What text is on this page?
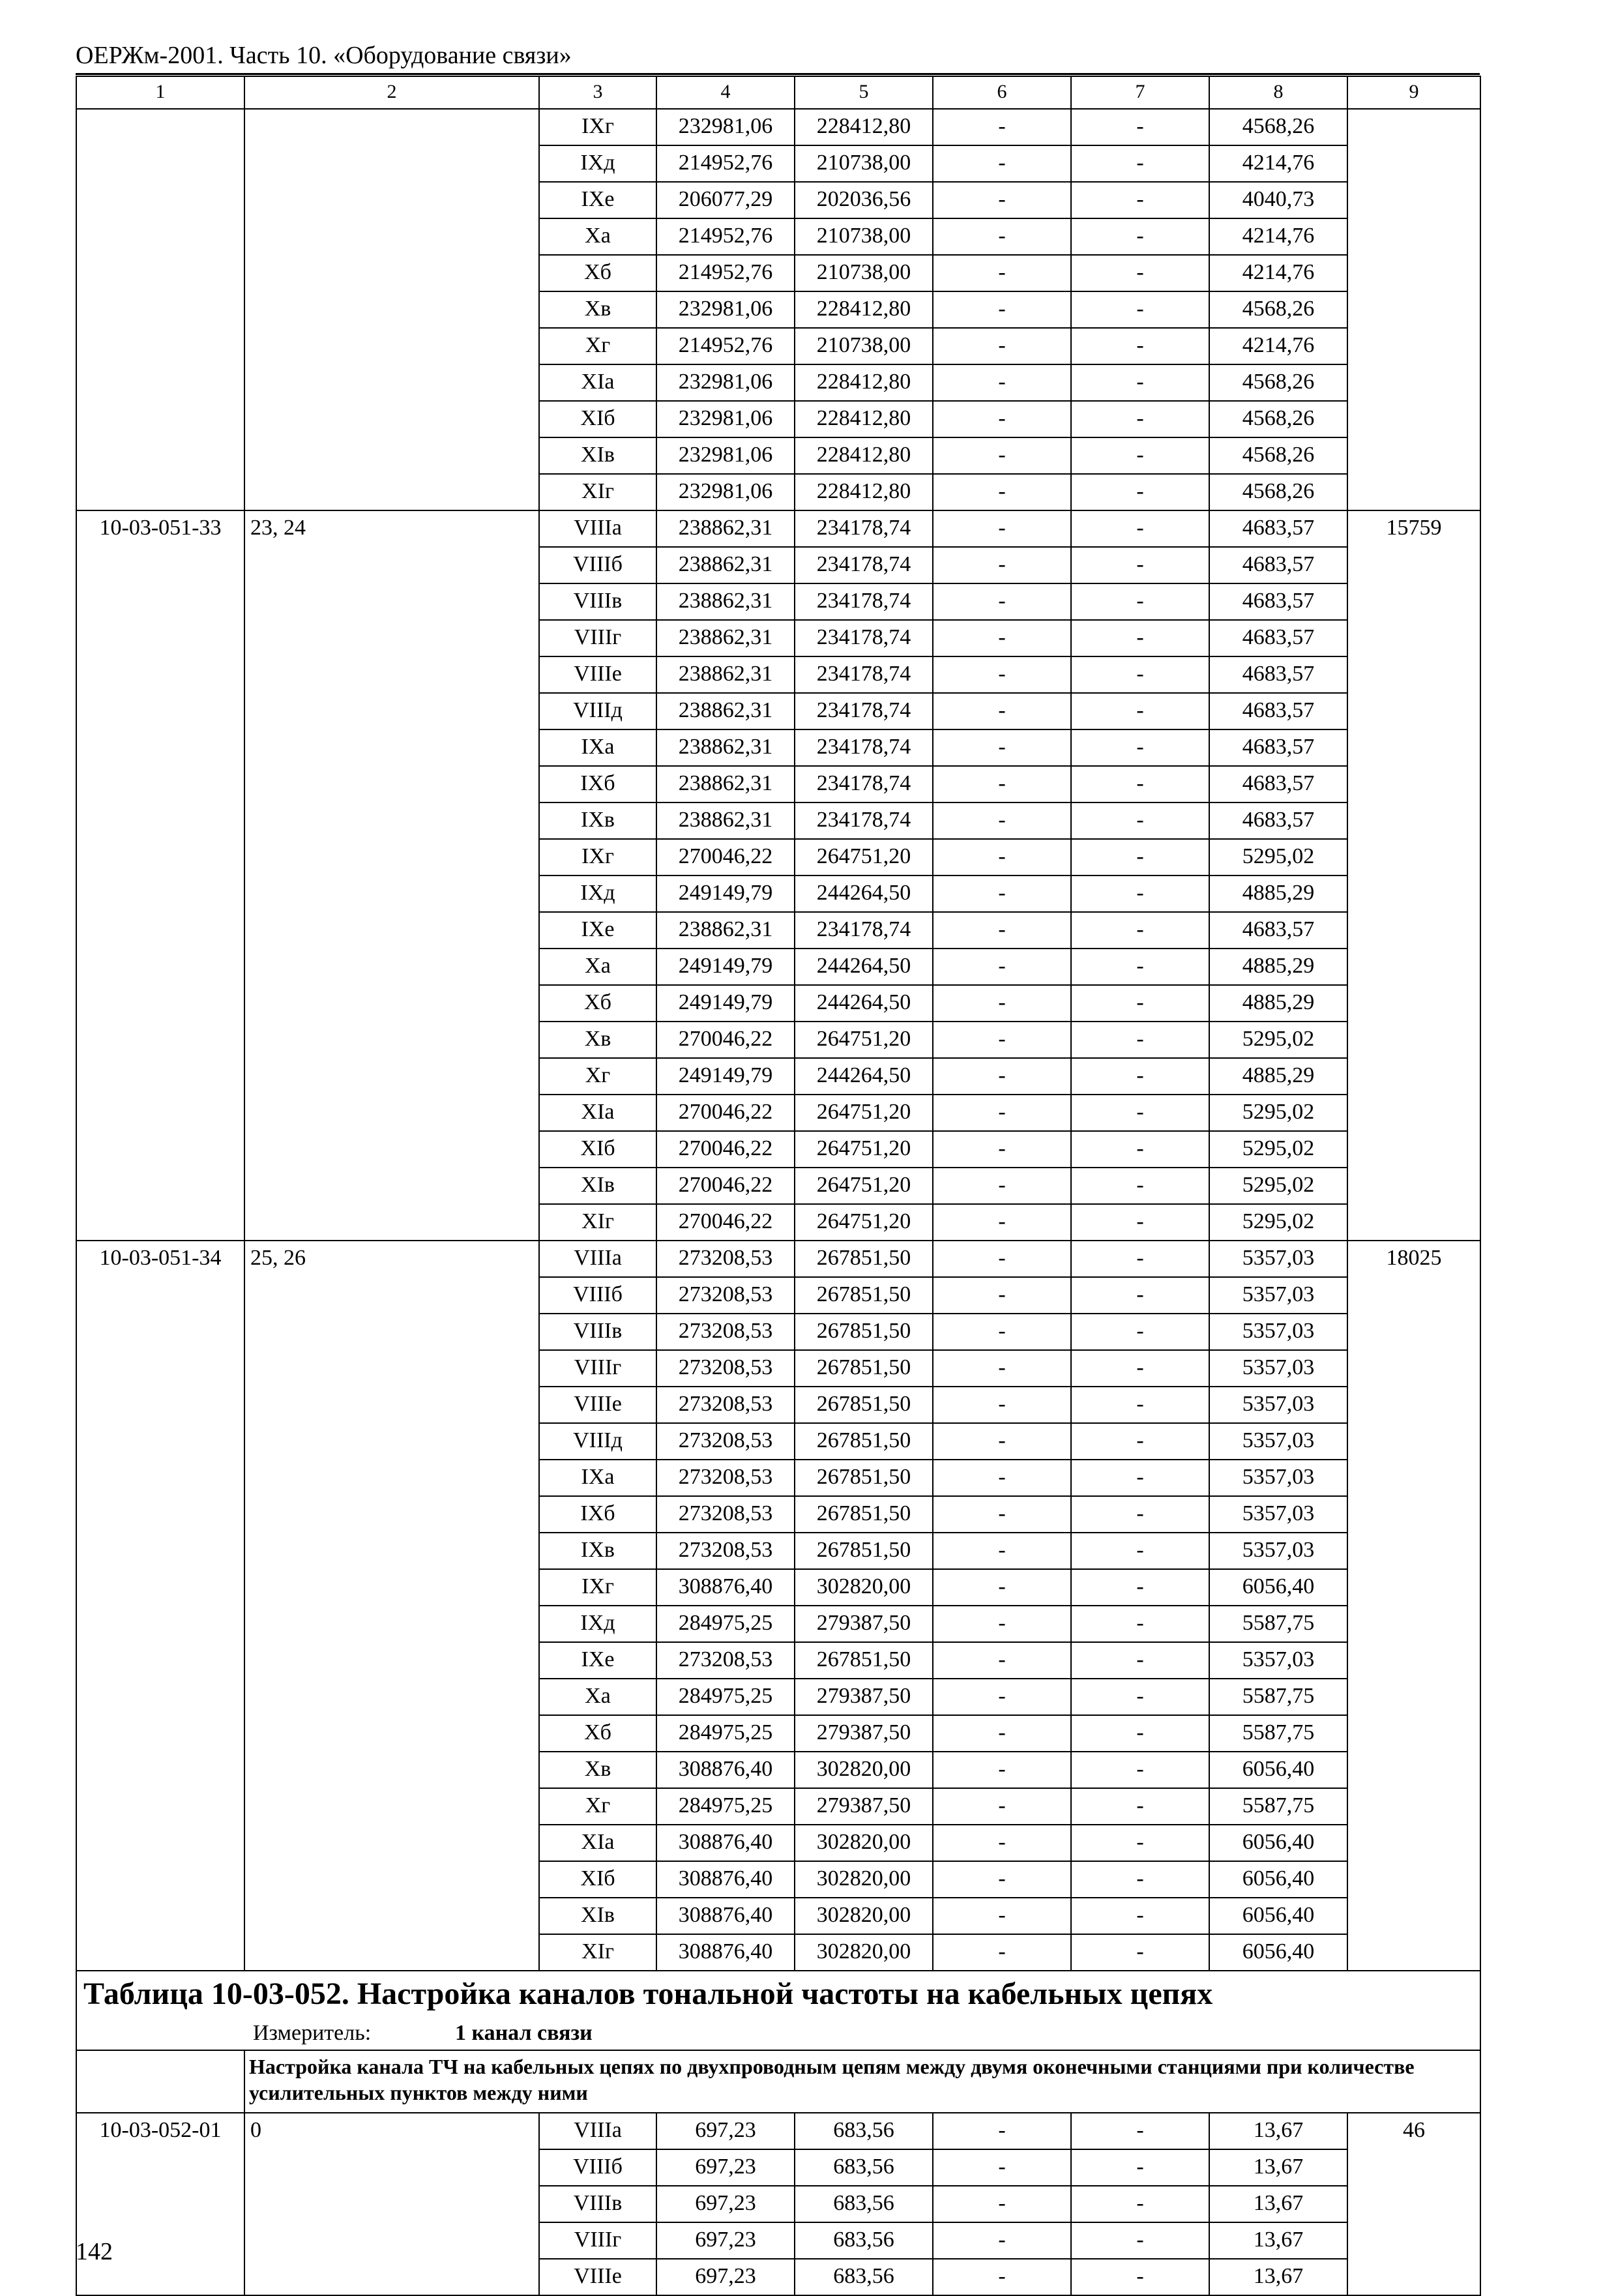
ОЕРЖм-2001. Часть 10. «Оборудование связи»
1	2	3	4	5	6	7	8	9
		IXг	232981,06	228412,80	-	-	4568,26	
		IXд	214952,76	210738,00	-	-	4214,76	
		IXе	206077,29	202036,56	-	-	4040,73	
		Xа	214952,76	210738,00	-	-	4214,76	
		Xб	214952,76	210738,00	-	-	4214,76	
		Xв	232981,06	228412,80	-	-	4568,26	
		Xг	214952,76	210738,00	-	-	4214,76	
		XIа	232981,06	228412,80	-	-	4568,26	
		XIб	232981,06	228412,80	-	-	4568,26	
		XIв	232981,06	228412,80	-	-	4568,26	
		XIг	232981,06	228412,80	-	-	4568,26	
10-03-051-33	23, 24	VIIIа	238862,31	234178,74	-	-	4683,57	15759
		VIIIб	238862,31	234178,74	-	-	4683,57	
		VIIIв	238862,31	234178,74	-	-	4683,57	
		VIIIг	238862,31	234178,74	-	-	4683,57	
		VIIIе	238862,31	234178,74	-	-	4683,57	
		VIIIд	238862,31	234178,74	-	-	4683,57	
		IXа	238862,31	234178,74	-	-	4683,57	
		IXб	238862,31	234178,74	-	-	4683,57	
		IXв	238862,31	234178,74	-	-	4683,57	
		IXг	270046,22	264751,20	-	-	5295,02	
		IXд	249149,79	244264,50	-	-	4885,29	
		IXе	238862,31	234178,74	-	-	4683,57	
		Xа	249149,79	244264,50	-	-	4885,29	
		Xб	249149,79	244264,50	-	-	4885,29	
		Xв	270046,22	264751,20	-	-	5295,02	
		Xг	249149,79	244264,50	-	-	4885,29	
		XIа	270046,22	264751,20	-	-	5295,02	
		XIб	270046,22	264751,20	-	-	5295,02	
		XIв	270046,22	264751,20	-	-	5295,02	
		XIг	270046,22	264751,20	-	-	5295,02	
10-03-051-34	25, 26	VIIIа	273208,53	267851,50	-	-	5357,03	18025
		VIIIб	273208,53	267851,50	-	-	5357,03	
		VIIIв	273208,53	267851,50	-	-	5357,03	
		VIIIг	273208,53	267851,50	-	-	5357,03	
		VIIIе	273208,53	267851,50	-	-	5357,03	
		VIIIд	273208,53	267851,50	-	-	5357,03	
		IXа	273208,53	267851,50	-	-	5357,03	
		IXб	273208,53	267851,50	-	-	5357,03	
		IXв	273208,53	267851,50	-	-	5357,03	
		IXг	308876,40	302820,00	-	-	6056,40	
		IXд	284975,25	279387,50	-	-	5587,75	
		IXе	273208,53	267851,50	-	-	5357,03	
		Xа	284975,25	279387,50	-	-	5587,75	
		Xб	284975,25	279387,50	-	-	5587,75	
		Xв	308876,40	302820,00	-	-	6056,40	
		Xг	284975,25	279387,50	-	-	5587,75	
		XIа	308876,40	302820,00	-	-	6056,40	
		XIб	308876,40	302820,00	-	-	6056,40	
		XIв	308876,40	302820,00	-	-	6056,40	
		XIг	308876,40	302820,00	-	-	6056,40	
Таблица 10-03-052. Настройка каналов тональной частоты на кабельных цепях								
Измеритель: 1 канал связи								
	Настройка канала ТЧ на кабельных цепях по двухпроводным цепям между двумя оконечными станциями при количестве усилительных пунктов между ними							
10-03-052-01	0	VIIIа	697,23	683,56	-	-	13,67	46
		VIIIб	697,23	683,56	-	-	13,67	
		VIIIв	697,23	683,56	-	-	13,67	
		VIIIг	697,23	683,56	-	-	13,67	
		VIIIе	697,23	683,56	-	-	13,67	
142
